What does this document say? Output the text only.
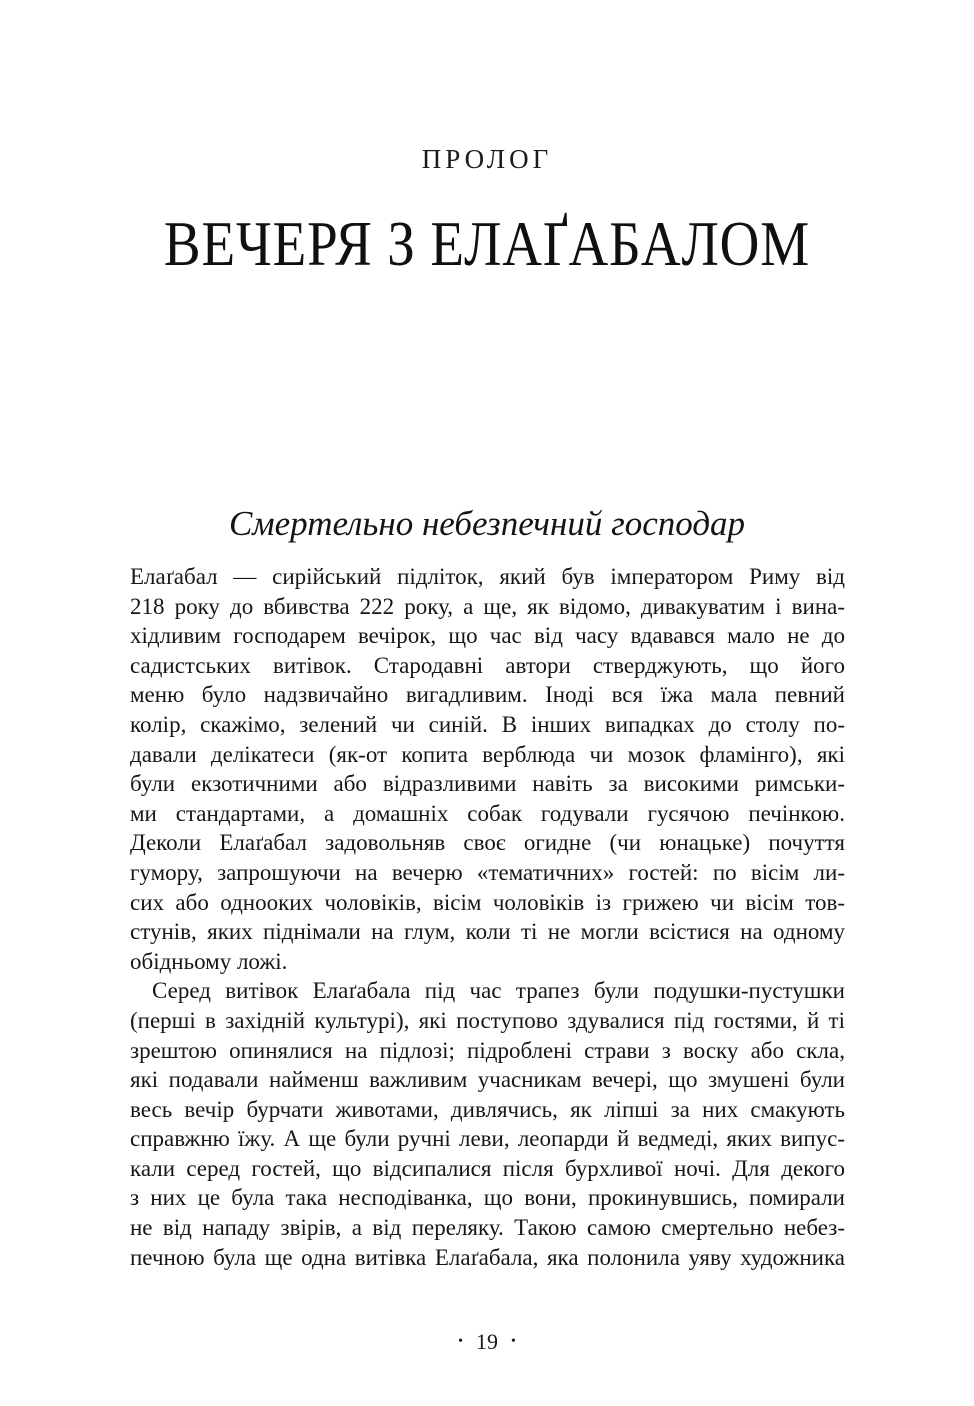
ПРОЛОГ
ВЕЧЕРЯ З ЕЛАҐАБАЛОМ
Смертельно небезпечний господар
Елаґабал — сирійський підліток, який був імператором Риму від
218 року до вбивства 222 року, а ще, як відомо, дивакуватим і вина-
хідливим господарем вечірок, що час від часу вдавався мало не до
садистських витівок. Стародавні автори стверджують, що його
меню було надзвичайно вигадливим. Іноді вся їжа мала певний
колір, скажімо, зелений чи синій. В інших випадках до столу по-
давали делікатеси (як-от копита верблюда чи мозок фламінго), які
були екзотичними або відразливими навіть за високими римськи-
ми стандартами, а домашніх собак годували гусячою печінкою.
Деколи Елаґабал задовольняв своє огидне (чи юнацьке) почуття
гумору, запрошуючи на вечерю «тематичних» гостей: по вісім ли-
сих або однооких чоловіків, вісім чоловіків із грижею чи вісім тов-
стунів, яких піднімали на глум, коли ті не могли всістися на одному
обідньому ложі.
Серед витівок Елаґабала під час трапез були подушки-пустушки
(перші в західній культурі), які поступово здувалися під гостями, й ті
зрештою опинялися на підлозі; підроблені страви з воску або скла,
які подавали найменш важливим учасникам вечері, що змушені були
весь вечір бурчати животами, дивлячись, як ліпші за них смакують
справжню їжу. А ще були ручні леви, леопарди й ведмеді, яких випус-
кали серед гостей, що відсипалися після бурхливої ночі. Для декого
з них це була така несподіванка, що вони, прокинувшись, помирали
не від нападу звірів, а від переляку. Такою самою смертельно небез-
печною була ще одна витівка Елаґабала, яка полонила уяву художника
• 19 •
